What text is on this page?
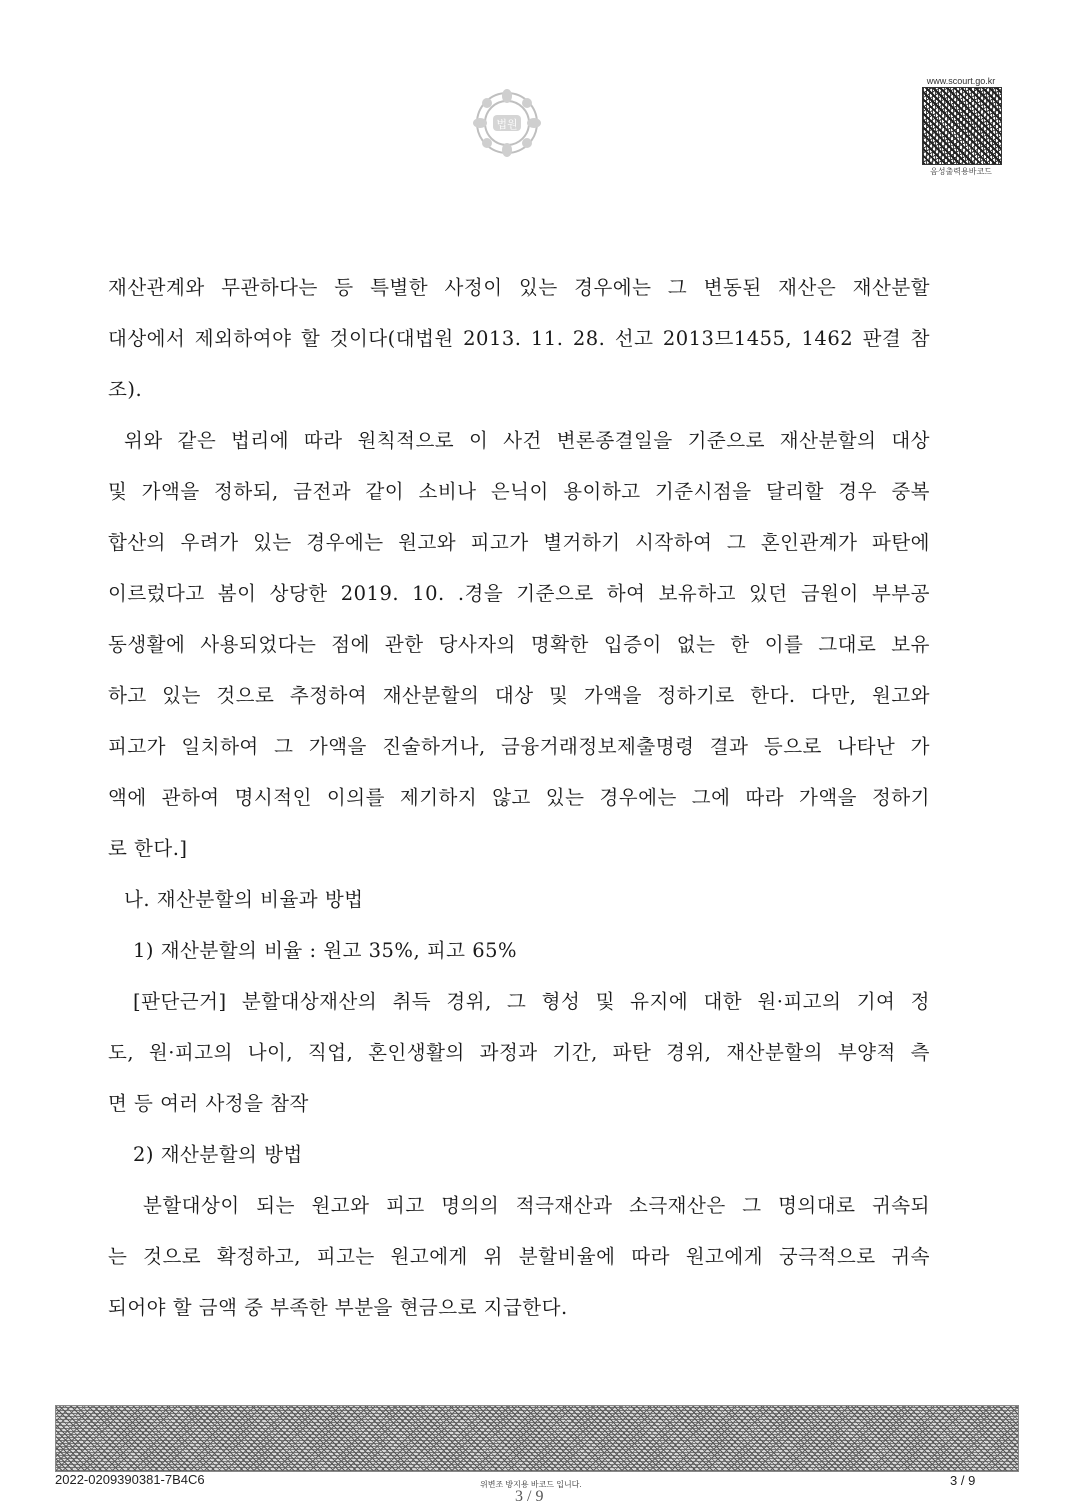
법원
www.scourt.go.kr
음성출력용바코드
재산관계와 무관하다는 등 특별한 사정이 있는 경우에는 그 변동된 재산은 재산분할
대상에서 제외하여야 할 것이다(대법원 2013. 11. 28. 선고 2013므1455, 1462 판결 참
조).
위와 같은 법리에 따라 원칙적으로 이 사건 변론종결일을 기준으로 재산분할의 대상
및 가액을 정하되, 금전과 같이 소비나 은닉이 용이하고 기준시점을 달리할 경우 중복
합산의 우려가 있는 경우에는 원고와 피고가 별거하기 시작하여 그 혼인관계가 파탄에
이르렀다고 봄이 상당한 2019. 10. .경을 기준으로 하여 보유하고 있던 금원이 부부공
동생활에 사용되었다는 점에 관한 당사자의 명확한 입증이 없는 한 이를 그대로 보유
하고 있는 것으로 추정하여 재산분할의 대상 및 가액을 정하기로 한다. 다만, 원고와
피고가 일치하여 그 가액을 진술하거나, 금융거래정보제출명령 결과 등으로 나타난 가
액에 관하여 명시적인 이의를 제기하지 않고 있는 경우에는 그에 따라 가액을 정하기
로 한다.]
나. 재산분할의 비율과 방법
1) 재산분할의 비율 : 원고 35%, 피고 65%
[판단근거] 분할대상재산의 취득 경위, 그 형성 및 유지에 대한 원·피고의 기여 정
도, 원·피고의 나이, 직업, 혼인생활의 과정과 기간, 파탄 경위, 재산분할의 부양적 측
면 등 여러 사정을 참작
2) 재산분할의 방법
분할대상이 되는 원고와 피고 명의의 적극재산과 소극재산은 그 명의대로 귀속되
는 것으로 확정하고, 피고는 원고에게 위 분할비율에 따라 원고에게 궁극적으로 귀속
되어야 할 금액 중 부족한 부분을 현금으로 지급한다.
2022-0209390381-7B4C6	위변조 방지용 바코드 입니다.	3 / 9
3 / 9
